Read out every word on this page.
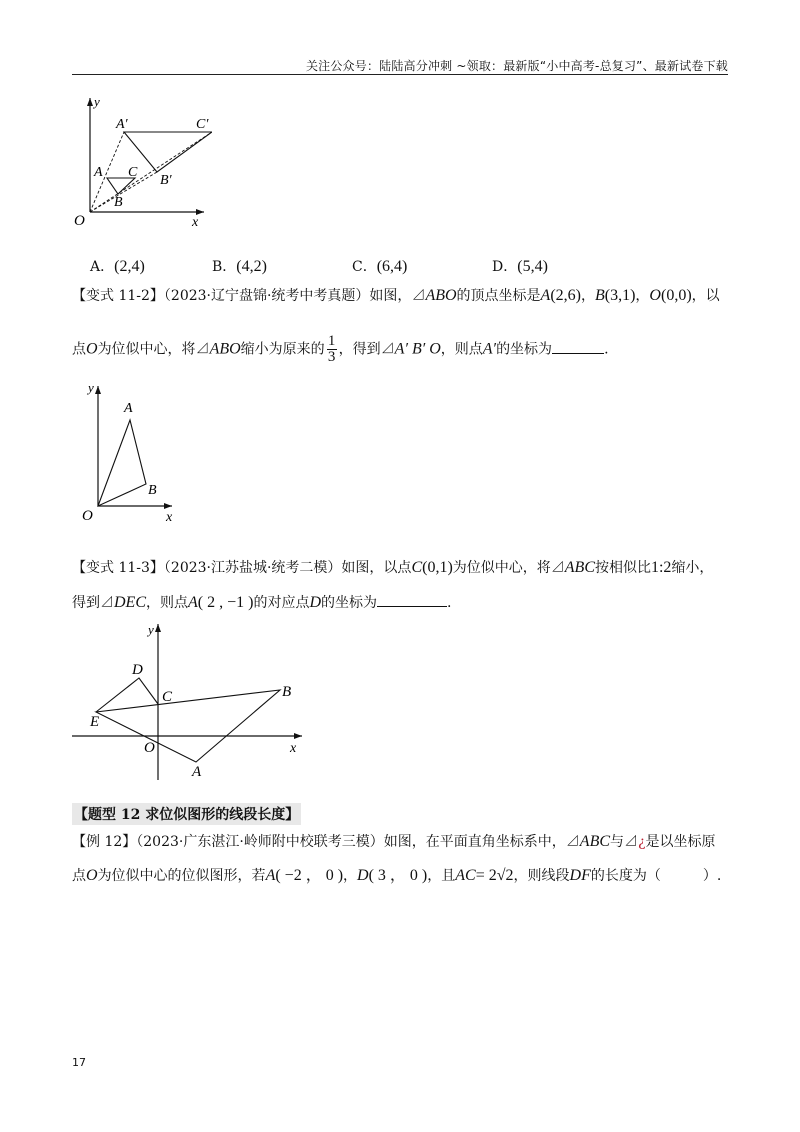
关注公众号：陆陆高分冲刺 ~领取：最新版“小中高考-总复习”、最新试卷下载
y
A′	C′
A C
B′
B
O	x
A．(2,4)	B．(4,2)	C．(6,4)	D．(5,4)
【变式 11-2】（2023·辽宁盘锦·统考中考真题）如图，⊿ABO的顶点坐标是A(2,6)，B(3,1)，O(0,0)，以
点O为位似中心，将⊿ABO缩小为原来的 $\frac{1}{3}$ ，得到⊿A′ B′ O，则点A′的坐标为	.
y
A
B
O	x
【变式 11-3】（2023·江苏盐城·统考二模）如图，以点C(0,1)为位似中心，将⊿ABC按相似比1:2缩小，
得到⊿DEC，则点A( 2 , −1 )的对应点D的坐标为	.
y
D
C	B
E
O	x
A
【题型 12 求位似图形的线段长度】
【例 12】（2023·广东湛江·岭师附中校联考三模）如图，在平面直角坐标系中，⊿ABC与⊿￼¿是以坐标原
点O为位似中心的位似图形，若A( −2 ， 0 )，D( 3 ， 0 )，且AC= 2√2，则线段DF的长度为（　　　）.
17
